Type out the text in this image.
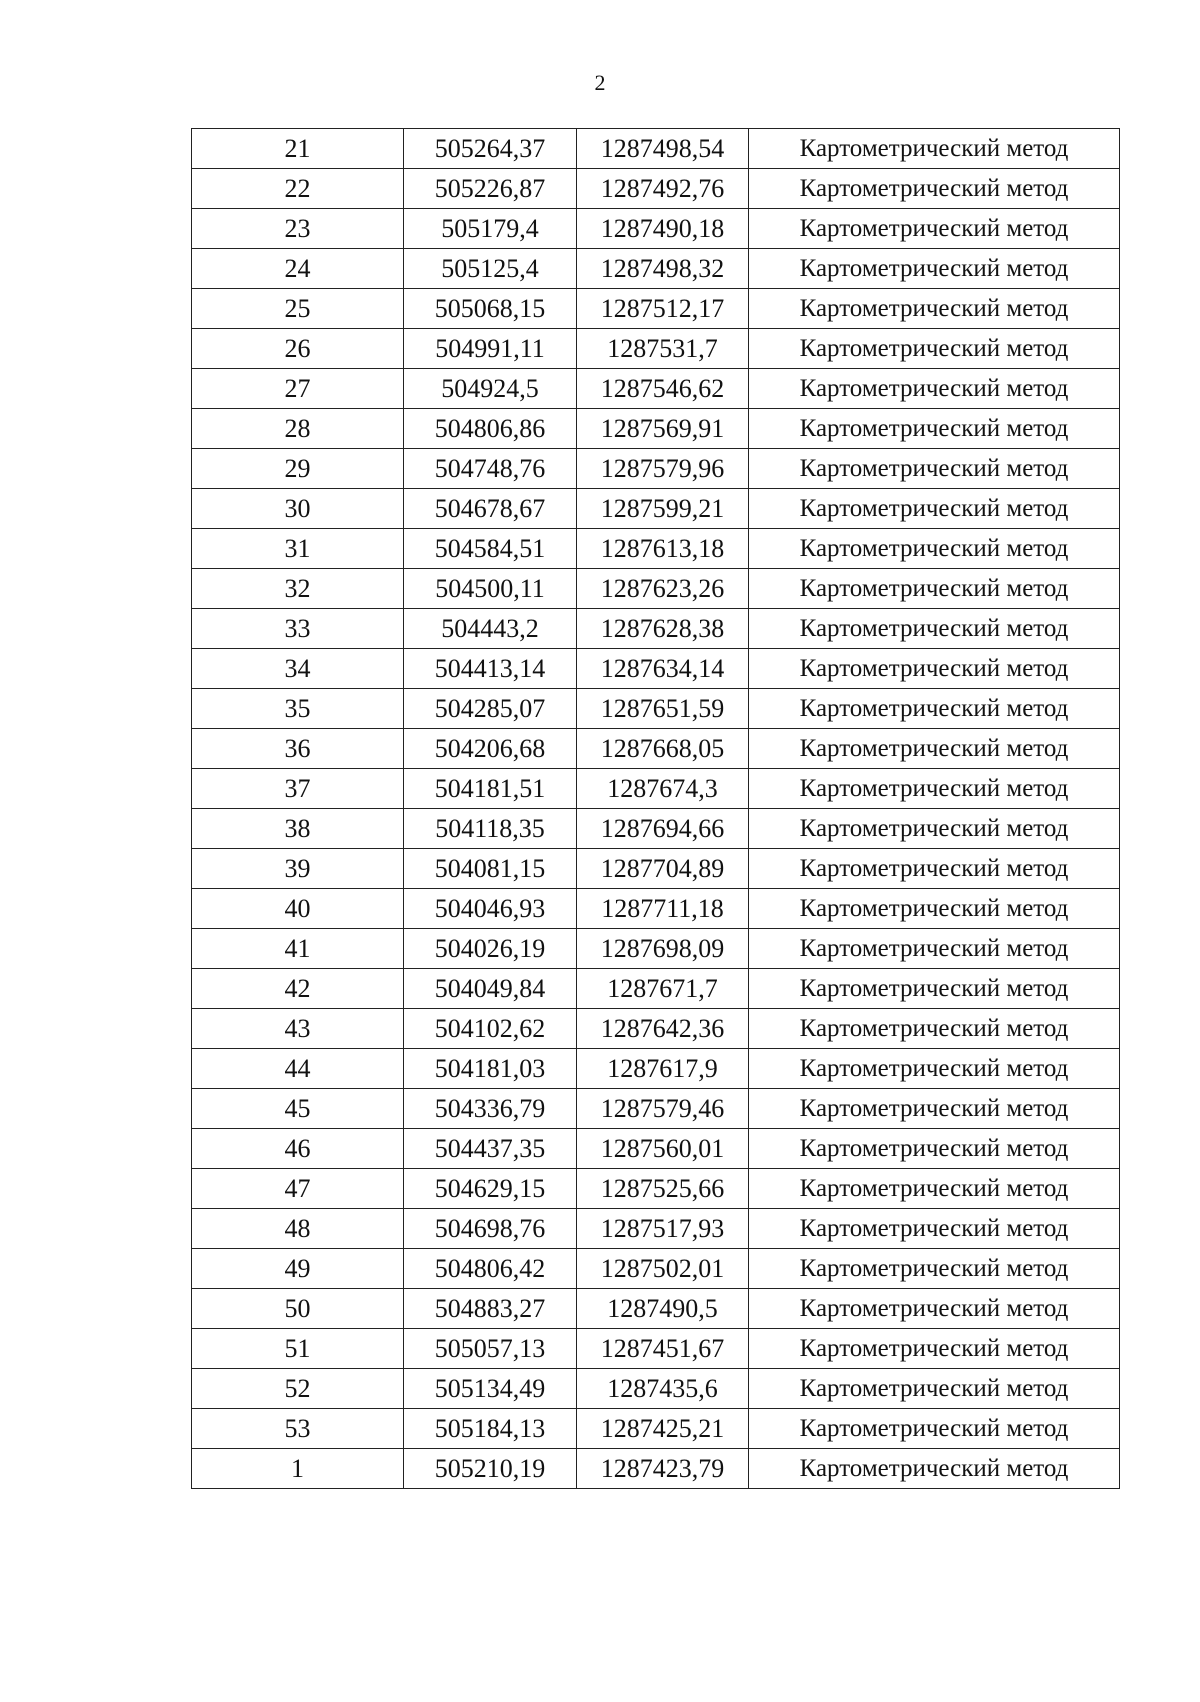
2
21	505264,37	1287498,54	Картометрический метод
22	505226,87	1287492,76	Картометрический метод
23	505179,4	1287490,18	Картометрический метод
24	505125,4	1287498,32	Картометрический метод
25	505068,15	1287512,17	Картометрический метод
26	504991,11	1287531,7	Картометрический метод
27	504924,5	1287546,62	Картометрический метод
28	504806,86	1287569,91	Картометрический метод
29	504748,76	1287579,96	Картометрический метод
30	504678,67	1287599,21	Картометрический метод
31	504584,51	1287613,18	Картометрический метод
32	504500,11	1287623,26	Картометрический метод
33	504443,2	1287628,38	Картометрический метод
34	504413,14	1287634,14	Картометрический метод
35	504285,07	1287651,59	Картометрический метод
36	504206,68	1287668,05	Картометрический метод
37	504181,51	1287674,3	Картометрический метод
38	504118,35	1287694,66	Картометрический метод
39	504081,15	1287704,89	Картометрический метод
40	504046,93	1287711,18	Картометрический метод
41	504026,19	1287698,09	Картометрический метод
42	504049,84	1287671,7	Картометрический метод
43	504102,62	1287642,36	Картометрический метод
44	504181,03	1287617,9	Картометрический метод
45	504336,79	1287579,46	Картометрический метод
46	504437,35	1287560,01	Картометрический метод
47	504629,15	1287525,66	Картометрический метод
48	504698,76	1287517,93	Картометрический метод
49	504806,42	1287502,01	Картометрический метод
50	504883,27	1287490,5	Картометрический метод
51	505057,13	1287451,67	Картометрический метод
52	505134,49	1287435,6	Картометрический метод
53	505184,13	1287425,21	Картометрический метод
1	505210,19	1287423,79	Картометрический метод
